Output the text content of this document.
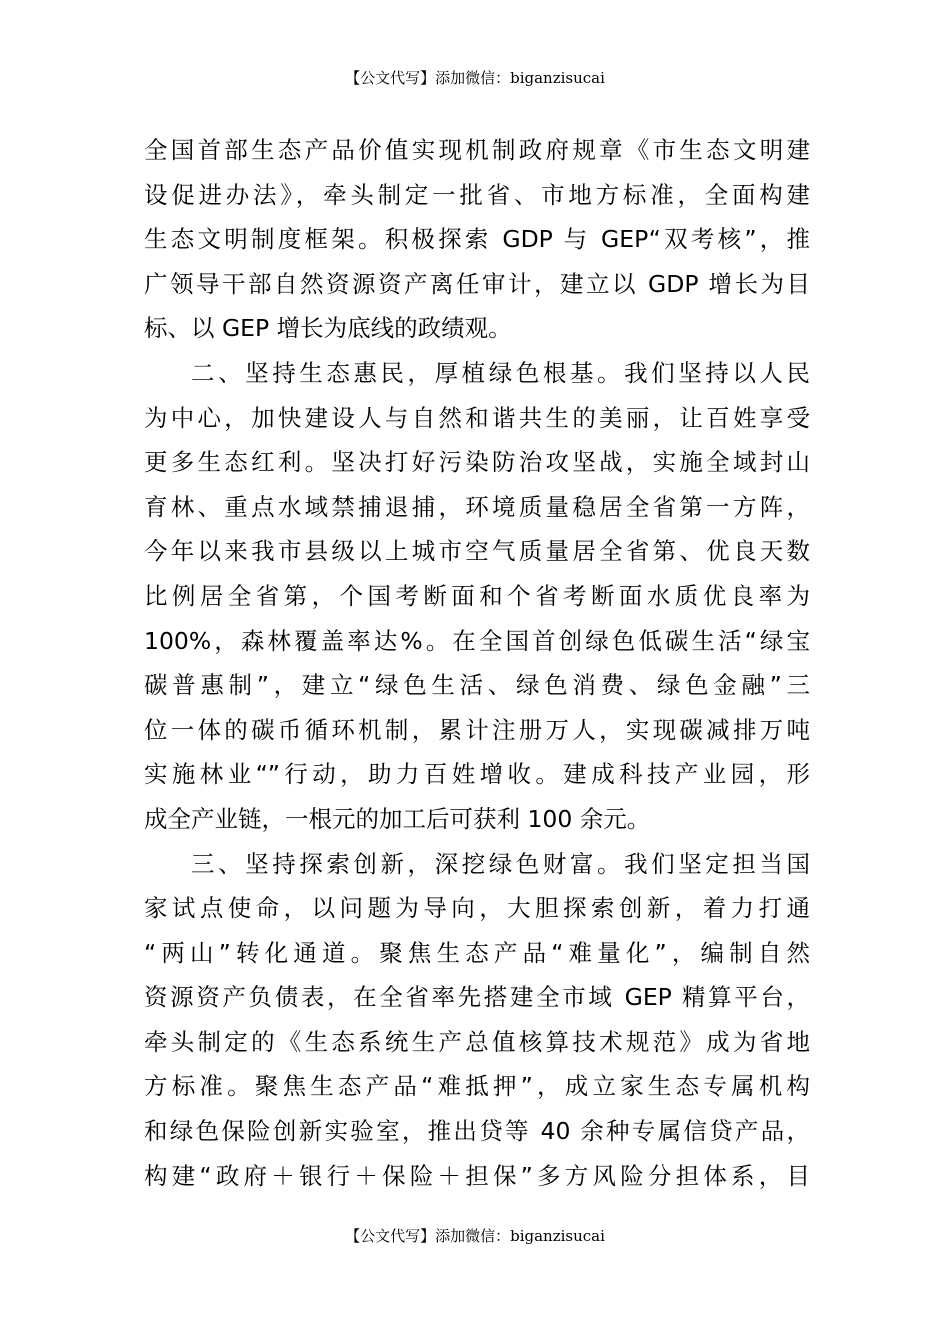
【公文代写】添加微信：biganzisucai
全国首部生态产品价值实现机制政府规章《市生态文明建
设促进办法》，牵头制定一批省、市地方标准，全面构建
生态文明制度框架。积极探索 GDP 与 GEP“双考核”，推
广领导干部自然资源资产离任审计，建立以 GDP 增长为目
标、以 GEP 增长为底线的政绩观。
二、坚持生态惠民，厚植绿色根基。我们坚持以人民
为中心，加快建设人与自然和谐共生的美丽，让百姓享受
更多生态红利。坚决打好污染防治攻坚战，实施全域封山
育林、重点水域禁捕退捕，环境质量稳居全省第一方阵，
今年以来我市县级以上城市空气质量居全省第、优良天数
比例居全省第，个国考断面和个省考断面水质优良率为
100%，森林覆盖率达%。在全国首创绿色低碳生活“绿宝
碳普惠制”，建立“绿色生活、绿色消费、绿色金融”三
位一体的碳币循环机制，累计注册万人，实现碳减排万吨
实施林业“”行动，助力百姓增收。建成科技产业园，形
成全产业链，一根元的加工后可获利 100 余元。
三、坚持探索创新，深挖绿色财富。我们坚定担当国
家试点使命，以问题为导向，大胆探索创新，着力打通
“两山”转化通道。聚焦生态产品“难量化”，编制自然
资源资产负债表，在全省率先搭建全市域 GEP 精算平台，
牵头制定的《生态系统生产总值核算技术规范》成为省地
方标准。聚焦生态产品“难抵押”，成立家生态专属机构
和绿色保险创新实验室，推出贷等 40 余种专属信贷产品，
构建“政府＋银行＋保险＋担保”多方风险分担体系，目
【公文代写】添加微信：biganzisucai
